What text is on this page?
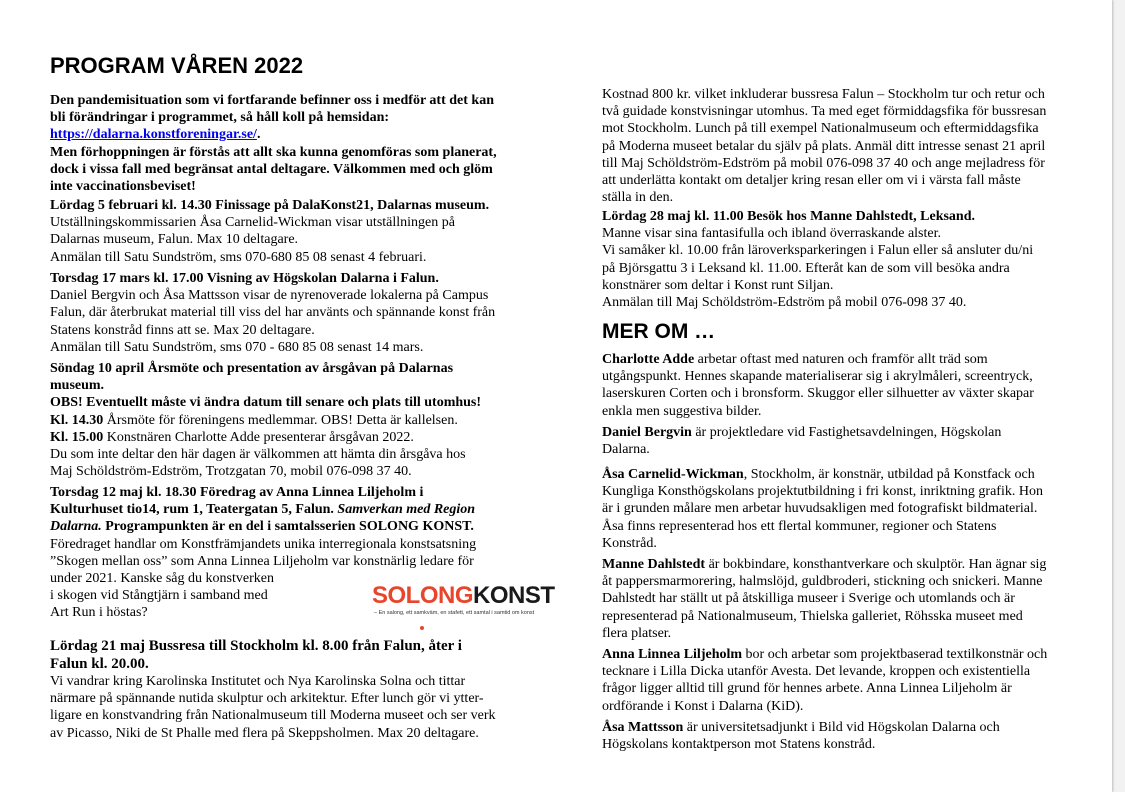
PROGRAM VÅREN 2022
Den pandemisituation som vi fortfarande befinner oss i medför att det kan
bli förändringar i programmet, så håll koll på hemsidan:
https://dalarna.konstforeningar.se/.
Men förhoppningen är förstås att allt ska kunna genomföras som planerat,
dock i vissa fall med begränsat antal deltagare. Välkommen med och glöm
inte vaccinationsbeviset!
Lördag 5 februari kl. 14.30 Finissage på DalaKonst21, Dalarnas museum.
Utställningskommissarien Åsa Carnelid-Wickman visar utställningen på
Dalarnas museum, Falun. Max 10 deltagare.
Anmälan till Satu Sundström, sms 070-680 85 08 senast 4 februari.
Torsdag 17 mars kl. 17.00 Visning av Högskolan Dalarna i Falun.
Daniel Bergvin och Åsa Mattsson visar de nyrenoverade lokalerna på Campus
Falun, där återbrukat material till viss del har använts och spännande konst från
Statens konstråd finns att se. Max 20 deltagare.
Anmälan till Satu Sundström, sms 070 - 680 85 08 senast 14 mars.
Söndag 10 april Årsmöte och presentation av årsgåvan på Dalarnas
museum.
OBS! Eventuellt måste vi ändra datum till senare och plats till utomhus!
Kl. 14.30 Årsmöte för föreningens medlemmar. OBS! Detta är kallelsen.
Kl. 15.00 Konstnären Charlotte Adde presenterar årsgåvan 2022.
Du som inte deltar den här dagen är välkommen att hämta din årsgåva hos
Maj Schöldström-Edström, Trotzgatan 70, mobil 076-098 37 40.
Torsdag 12 maj kl. 18.30 Föredrag av Anna Linnea Liljeholm i
Kulturhuset tio14, rum 1, Teatergatan 5, Falun. Samverkan med Region
Dalarna. Programpunkten är en del i samtalsserien SOLONG KONST.
Föredraget handlar om Konstfrämjandets unika interregionala konstsatsning
”Skogen mellan oss” som Anna Linnea Liljeholm var konstnärlig ledare för
under 2021. Kanske såg du konstverken
i skogen vid Stångtjärn i samband med
Art Run i höstas?
SOLONGKONST
– En salong, ett samkväm, en stafett, ett samtal i samtid om konst
Lördag 21 maj Bussresa till Stockholm kl. 8.00 från Falun, åter i
Falun kl. 20.00.
Vi vandrar kring Karolinska Institutet och Nya Karolinska Solna och tittar
närmare på spännande nutida skulptur och arkitektur. Efter lunch gör vi ytter-
ligare en konstvandring från Nationalmuseum till Moderna museet och ser verk
av Picasso, Niki de St Phalle med flera på Skeppsholmen. Max 20 deltagare.
Kostnad 800 kr. vilket inkluderar bussresa Falun – Stockholm tur och retur och
två guidade konstvisningar utomhus. Ta med eget förmiddagsfika för bussresan
mot Stockholm. Lunch på till exempel Nationalmuseum och eftermiddagsfika
på Moderna museet betalar du själv på plats. Anmäl ditt intresse senast 21 april
till Maj Schöldström-Edström på mobil 076-098 37 40 och ange mejladress för
att underlätta kontakt om detaljer kring resan eller om vi i värsta fall måste
ställa in den.
Lördag 28 maj kl. 11.00 Besök hos Manne Dahlstedt, Leksand.
Manne visar sina fantasifulla och ibland överraskande alster.
Vi samåker kl. 10.00 från läroverksparkeringen i Falun eller så ansluter du/ni
på Björsgattu 3 i Leksand kl. 11.00. Efteråt kan de som vill besöka andra
konstnärer som deltar i Konst runt Siljan.
Anmälan till Maj Schöldström-Edström på mobil 076-098 37 40.
MER OM …
Charlotte Adde arbetar oftast med naturen och framför allt träd som
utgångspunkt. Hennes skapande materialiserar sig i akrylmåleri, screentryck,
laserskuren Corten och i bronsform. Skuggor eller silhuetter av växter skapar
enkla men suggestiva bilder.
Daniel Bergvin är projektledare vid Fastighetsavdelningen, Högskolan
Dalarna.
Åsa Carnelid-Wickman, Stockholm, är konstnär, utbildad på Konstfack och
Kungliga Konsthögskolans projektutbildning i fri konst, inriktning grafik. Hon
är i grunden målare men arbetar huvudsakligen med fotografiskt bildmaterial.
Åsa finns representerad hos ett flertal kommuner, regioner och Statens
Konstråd.
Manne Dahlstedt är bokbindare, konsthantverkare och skulptör. Han ägnar sig
åt pappersmarmorering, halmslöjd, guldbroderi, stickning och snickeri. Manne
Dahlstedt har ställt ut på åtskilliga museer i Sverige och utomlands och är
representerad på Nationalmuseum, Thielska galleriet, Röhsska museet med
flera platser.
Anna Linnea Liljeholm bor och arbetar som projektbaserad textilkonstnär och
tecknare i Lilla Dicka utanför Avesta. Det levande, kroppen och existentiella
frågor ligger alltid till grund för hennes arbete. Anna Linnea Liljeholm är
ordförande i Konst i Dalarna (KiD).
Åsa Mattsson är universitetsadjunkt i Bild vid Högskolan Dalarna och
Högskolans kontaktperson mot Statens konstråd.
